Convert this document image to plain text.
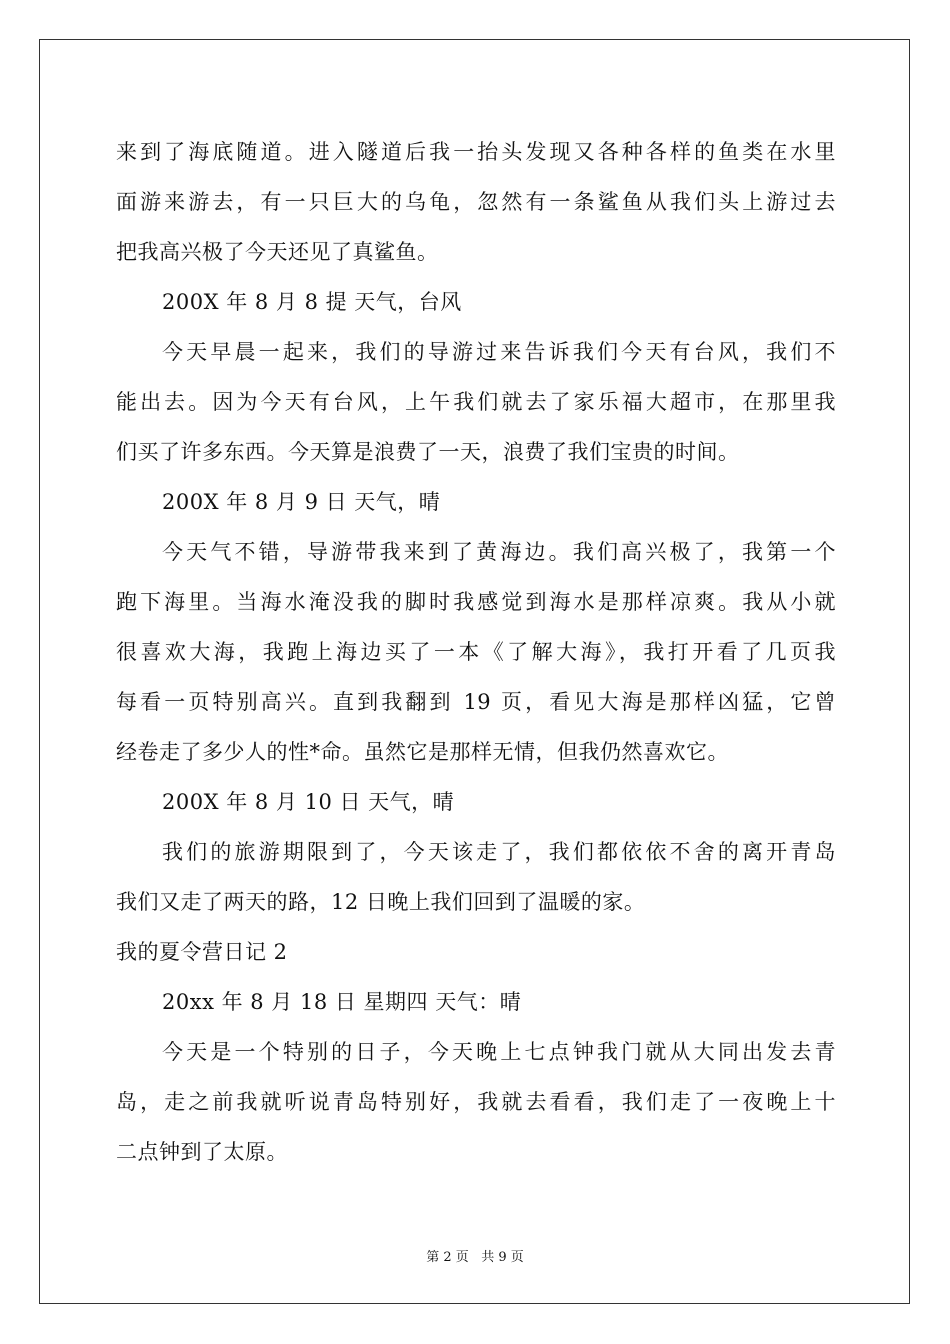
来到了海底随道。进入隧道后我一抬头发现又各种各样的鱼类在水里
面游来游去，有一只巨大的乌龟，忽然有一条鲨鱼从我们头上游过去
把我高兴极了今天还见了真鲨鱼。
200X 年 8 月 8 提 天气，台风
今天早晨一起来，我们的导游过来告诉我们今天有台风，我们不
能出去。因为今天有台风，上午我们就去了家乐福大超市，在那里我
们买了许多东西。今天算是浪费了一天，浪费了我们宝贵的时间。
200X 年 8 月 9 日 天气，晴
今天气不错，导游带我来到了黄海边。我们高兴极了，我第一个
跑下海里。当海水淹没我的脚时我感觉到海水是那样凉爽。我从小就
很喜欢大海，我跑上海边买了一本《了解大海》，我打开看了几页我
每看一页特别高兴。直到我翻到 19 页，看见大海是那样凶猛，它曾
经卷走了多少人的性*命。虽然它是那样无情，但我仍然喜欢它。
200X 年 8 月 10 日 天气，晴
我们的旅游期限到了，今天该走了，我们都依依不舍的离开青岛
我们又走了两天的路，12 日晚上我们回到了温暖的家。
我的夏令营日记 2
20xx 年 8 月 18 日 星期四 天气：晴
今天是一个特别的日子，今天晚上七点钟我门就从大同出发去青
岛，走之前我就听说青岛特别好，我就去看看，我们走了一夜晚上十
二点钟到了太原。
第 2 页 共 9 页
